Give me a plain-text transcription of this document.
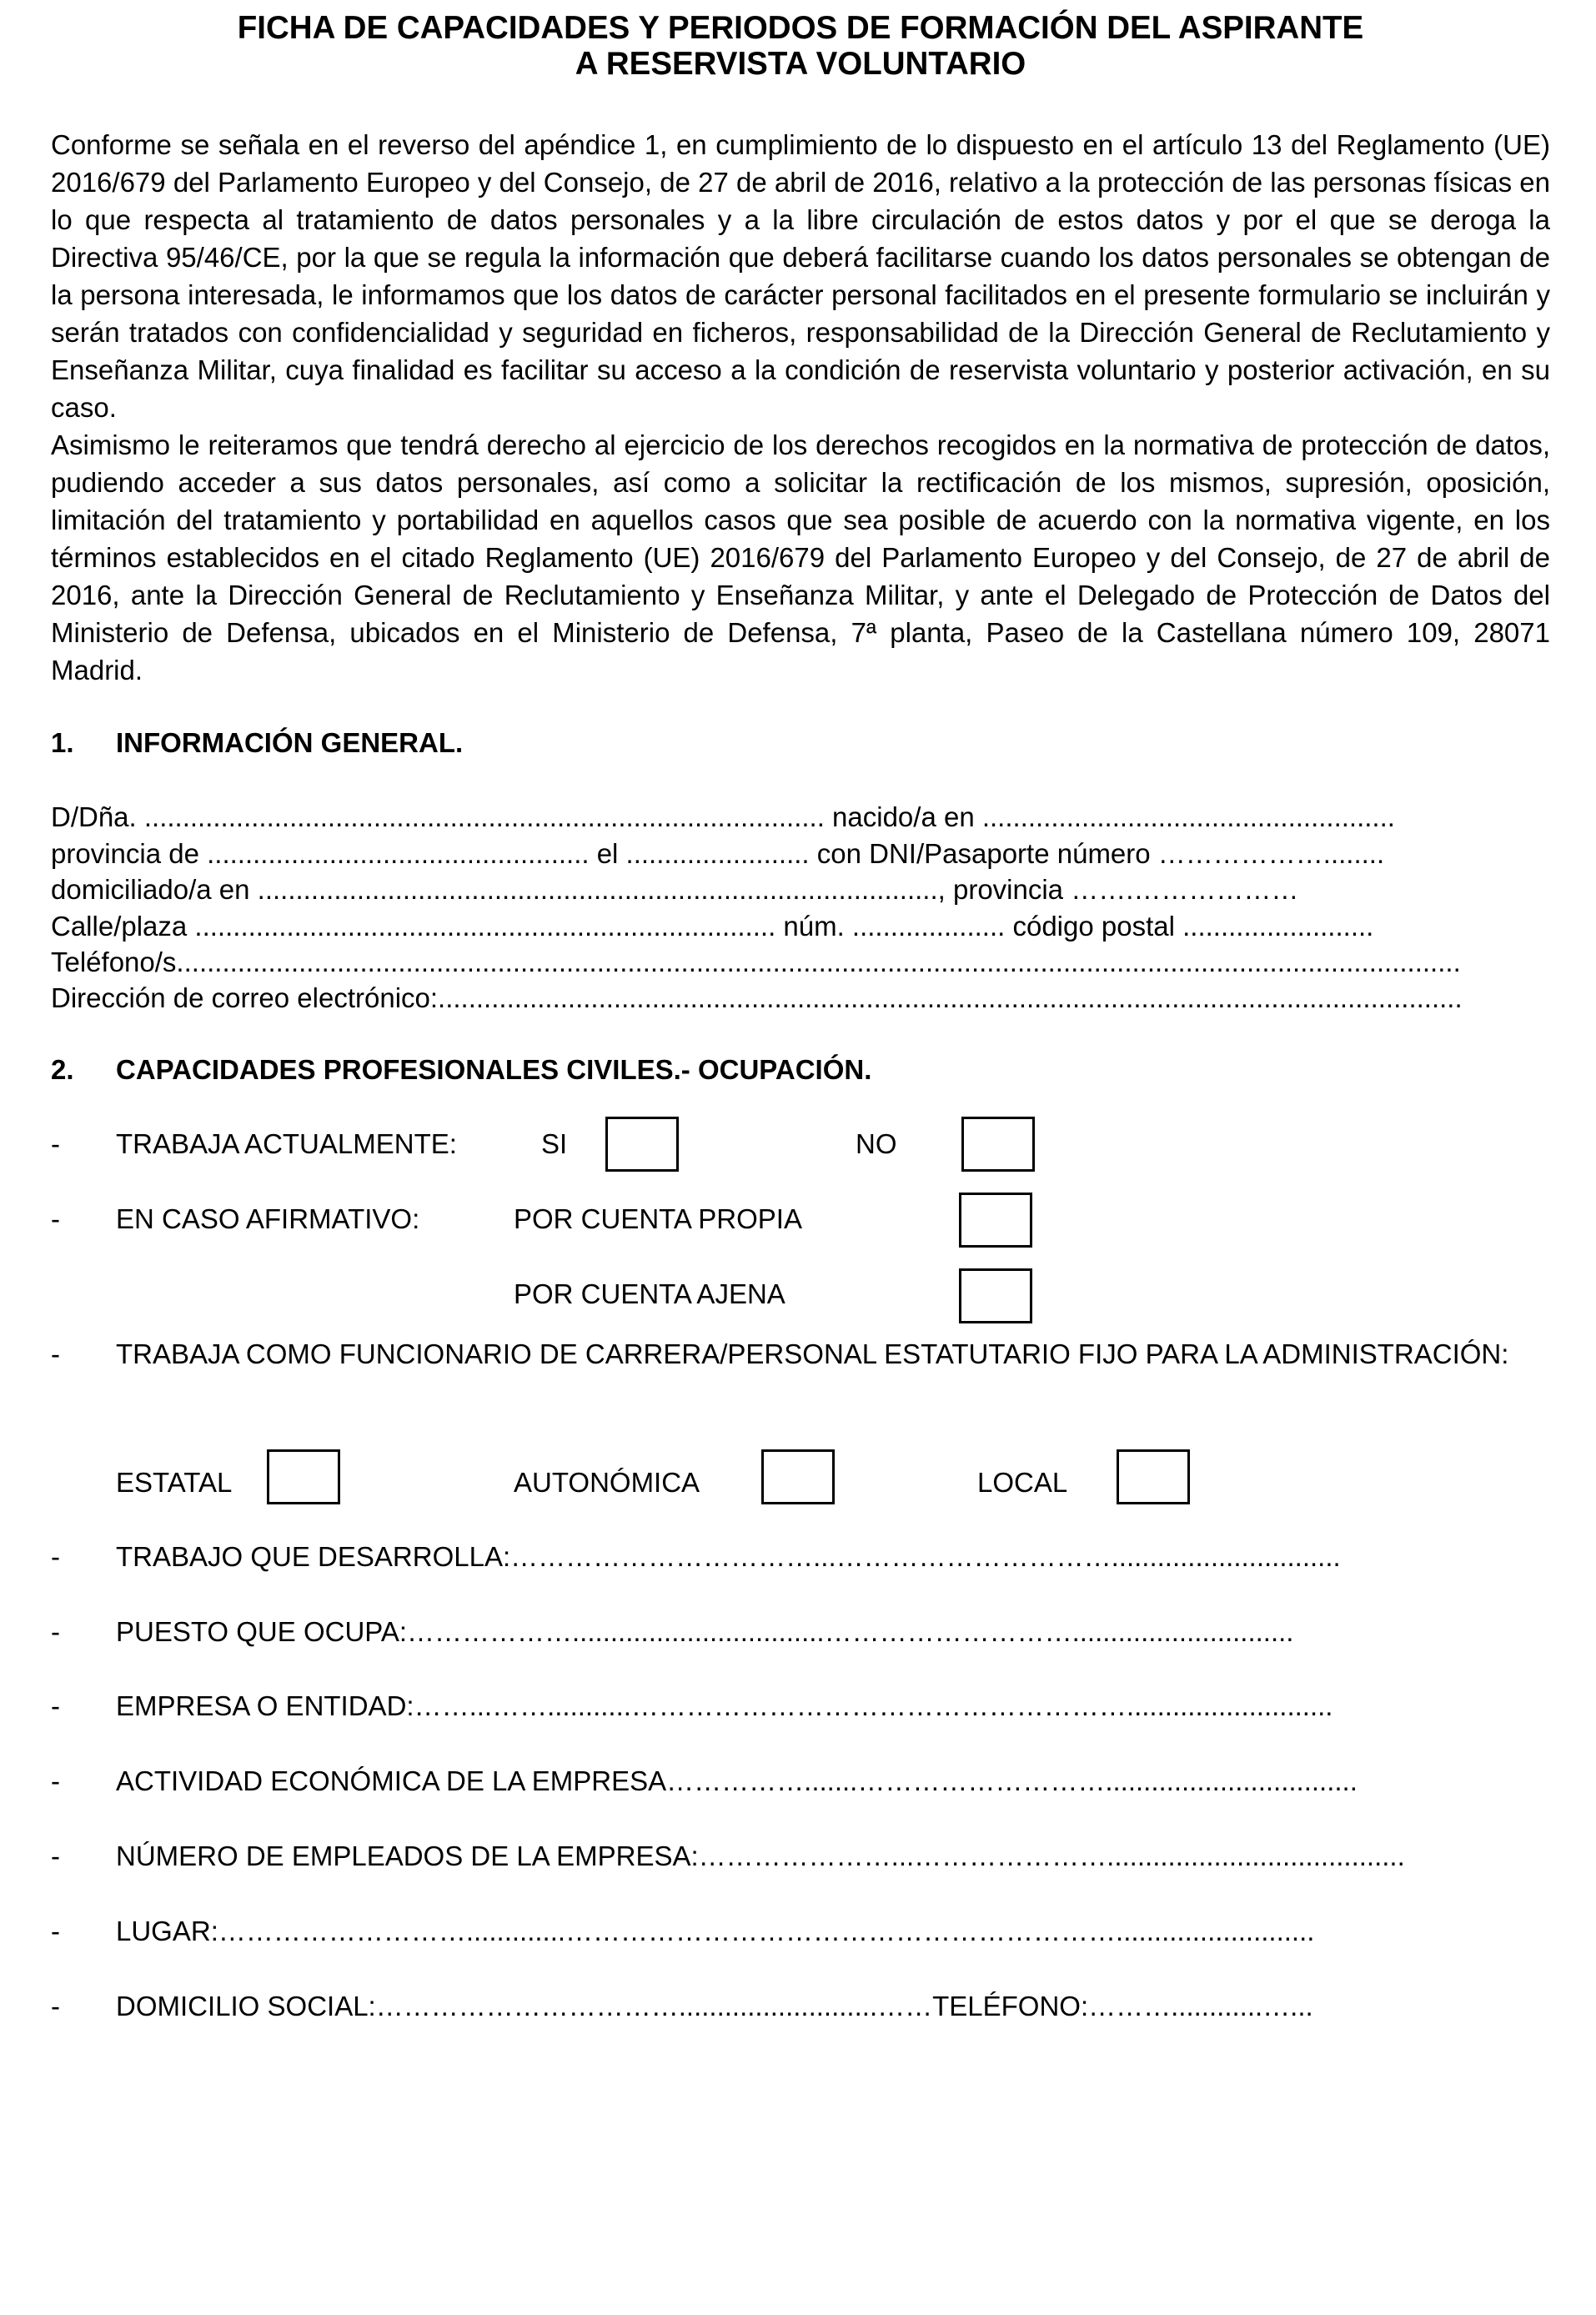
FICHA DE CAPACIDADES Y PERIODOS DE FORMACIÓN DEL ASPIRANTE
A RESERVISTA VOLUNTARIO

Conforme se señala en el reverso del apéndice 1, en cumplimiento de lo dispuesto en el artículo 13 del Reglamento (UE) 2016/679 del Parlamento Europeo y del Consejo, de 27 de abril de 2016, relativo a la protección de las personas físicas en lo que respecta al tratamiento de datos personales y a la libre circulación de estos datos y por el que se deroga la Directiva 95/46/CE, por la que se regula la información que deberá facilitarse cuando los datos personales se obtengan de la persona interesada, le informamos que los datos de carácter personal facilitados en el presente formulario se incluirán y serán tratados con confidencialidad y seguridad en ficheros, responsabilidad de la Dirección General de Reclutamiento y Enseñanza Militar, cuya finalidad es facilitar su acceso a la condición de reservista voluntario y posterior activación, en su caso.

Asimismo le reiteramos que tendrá derecho al ejercicio de los derechos recogidos en la normativa de protección de datos, pudiendo acceder a sus datos personales, así como a solicitar la rectificación de los mismos, supresión, oposición, limitación del tratamiento y portabilidad en aquellos casos que sea posible de acuerdo con la normativa vigente, en los términos establecidos en el citado Reglamento (UE) 2016/679 del Parlamento Europeo y del Consejo, de 27 de abril de 2016, ante la Dirección General de Reclutamiento y Enseñanza Militar, y ante el Delegado de Protección de Datos del Ministerio de Defensa, ubicados en el Ministerio de Defensa, 7ª planta, Paseo de la Castellana número 109, 28071 Madrid.

1. INFORMACIÓN GENERAL.
D/Dña. ......................................................................................... nacido/a en ......................................................
provincia de .................................................. el ........................ con DNI/Pasaporte número ………………........
domiciliado/a en ........................................................................................., provincia …….………………
Calle/plaza ............................................................................ núm. .................... código postal .........................
Teléfono/s........................................................................................................................................................................
Dirección de correo electrónico:......................................................................................................................................
2. CAPACIDADES PROFESIONALES CIVILES.- OCUPACIÓN.
- TRABAJA ACTUALMENTE:	SI	NO
- EN CASO AFIRMATIVO:	POR CUENTA PROPIA
POR CUENTA AJENA
- TRABAJA COMO FUNCIONARIO DE CARRERA/PERSONAL ESTATUTARIO FIJO PARA LA ADMINISTRACIÓN:
ESTATAL	AUTONÓMICA	LOCAL
- TRABAJO QUE DESARROLLA:……………………………...…………………………..............................
- PUESTO QUE OCUPA:……………….................................……………………….............................
- EMPRESA O ENTIDAD:……...……...........………………………………………………...........................
- ACTIVIDAD ECONÓMICA DE LA EMPRESA…………….......……………………….................................
- NÚMERO DE EMPLEADOS DE LA EMPRESA:…………………...………………….......................................
- LUGAR:……………………….............……………………………………………………..........................
- DOMICILIO SOCIAL:……………………………..........................……TELÉFONO:………............…...
